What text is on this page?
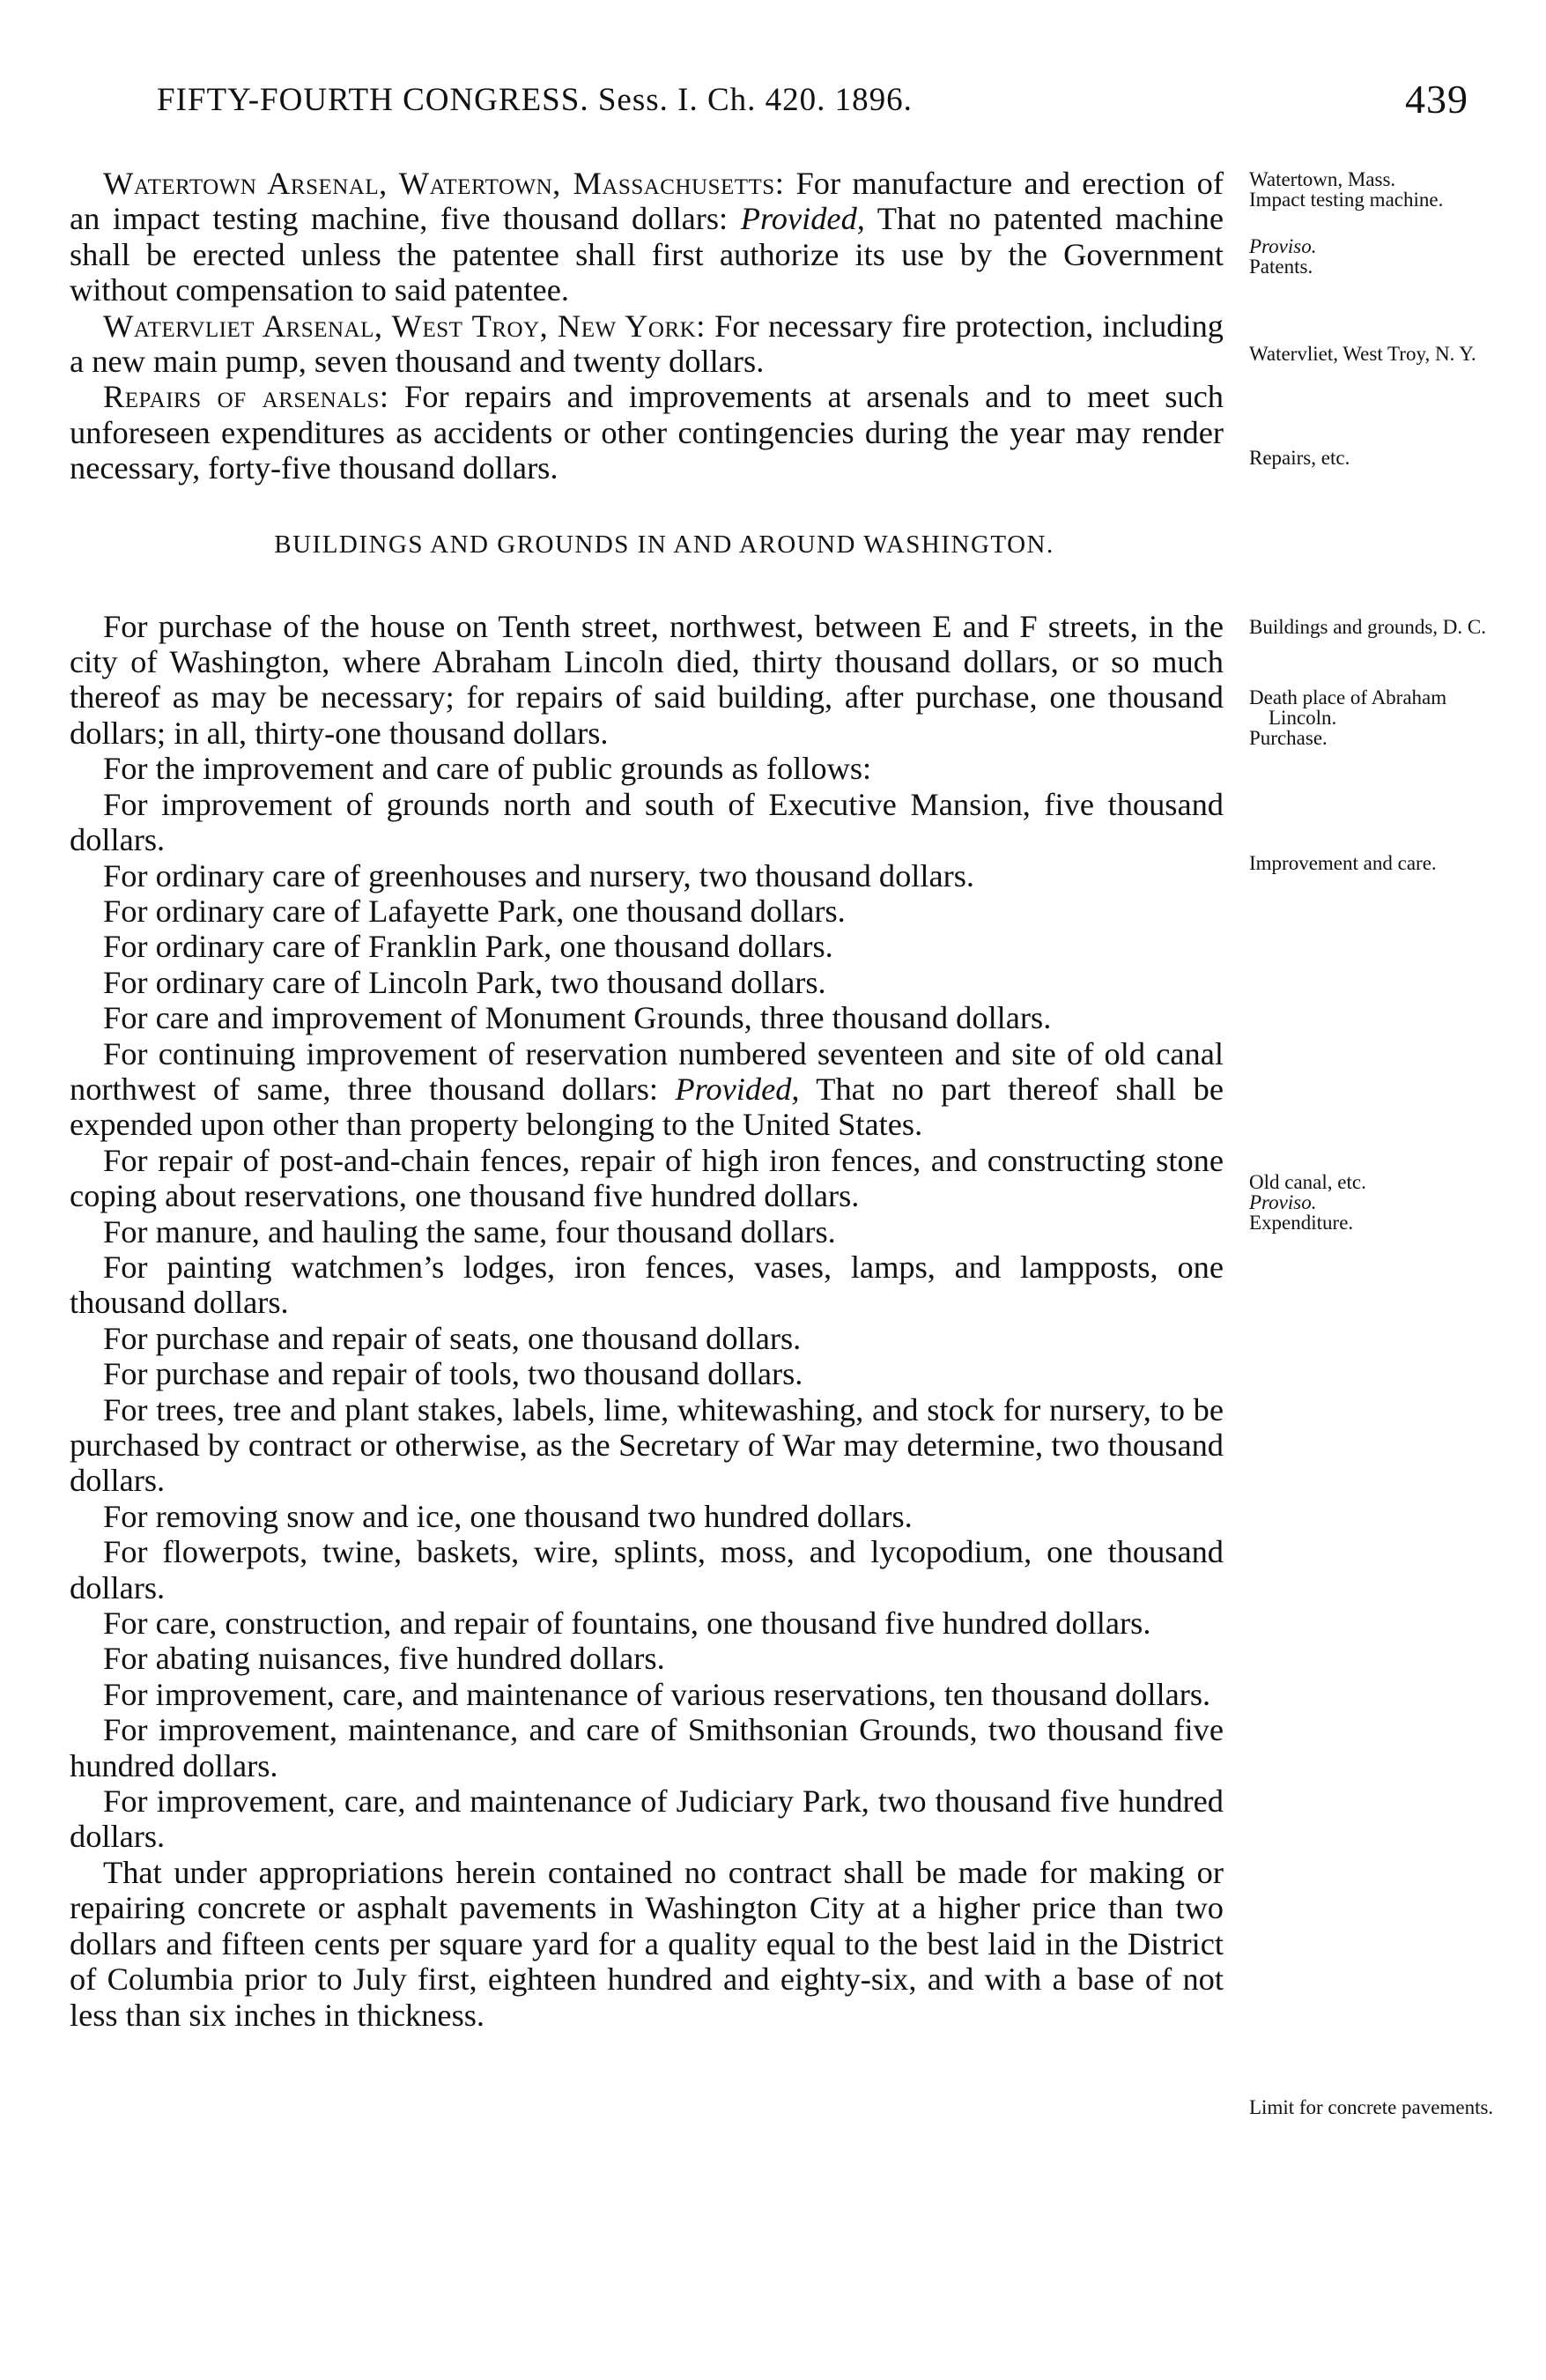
FIFTY-FOURTH CONGRESS. Sess. I. Ch. 420. 1896.	439

Watertown Arsenal, Watertown, Massachusetts: For manufacture and erection of an impact testing machine, five thousand dollars: Provided, That no patented machine shall be erected unless the patentee shall first authorize its use by the Government without compensation to said patentee.

Watervliet Arsenal, West Troy, New York: For necessary fire protection, including a new main pump, seven thousand and twenty dollars.

Repairs of arsenals: For repairs and improvements at arsenals and to meet such unforeseen expenditures as accidents or other contingencies during the year may render necessary, forty-five thousand dollars.

BUILDINGS AND GROUNDS IN AND AROUND WASHINGTON.

For purchase of the house on Tenth street, northwest, between E and F streets, in the city of Washington, where Abraham Lincoln died, thirty thousand dollars, or so much thereof as may be necessary; for repairs of said building, after purchase, one thousand dollars; in all, thirty-one thousand dollars.

For the improvement and care of public grounds as follows:

For improvement of grounds north and south of Executive Mansion, five thousand dollars.

For ordinary care of greenhouses and nursery, two thousand dollars.

For ordinary care of Lafayette Park, one thousand dollars.

For ordinary care of Franklin Park, one thousand dollars.

For ordinary care of Lincoln Park, two thousand dollars.

For care and improvement of Monument Grounds, three thousand dollars.

For continuing improvement of reservation numbered seventeen and site of old canal northwest of same, three thousand dollars: Provided, That no part thereof shall be expended upon other than property belonging to the United States.

For repair of post-and-chain fences, repair of high iron fences, and constructing stone coping about reservations, one thousand five hundred dollars.

For manure, and hauling the same, four thousand dollars.

For painting watchmen’s lodges, iron fences, vases, lamps, and lampposts, one thousand dollars.

For purchase and repair of seats, one thousand dollars.

For purchase and repair of tools, two thousand dollars.

For trees, tree and plant stakes, labels, lime, whitewashing, and stock for nursery, to be purchased by contract or otherwise, as the Secretary of War may determine, two thousand dollars.

For removing snow and ice, one thousand two hundred dollars.

For flowerpots, twine, baskets, wire, splints, moss, and lycopodium, one thousand dollars.

For care, construction, and repair of fountains, one thousand five hundred dollars.

For abating nuisances, five hundred dollars.

For improvement, care, and maintenance of various reservations, ten thousand dollars.

For improvement, maintenance, and care of Smithsonian Grounds, two thousand five hundred dollars.

For improvement, care, and maintenance of Judiciary Park, two thousand five hundred dollars.

That under appropriations herein contained no contract shall be made for making or repairing concrete or asphalt pavements in Washington City at a higher price than two dollars and fifteen cents per square yard for a quality equal to the best laid in the District of Columbia prior to July first, eighteen hundred and eighty-six, and with a base of not less than six inches in thickness.

Watertown, Mass.
Impact testing machine.
Proviso.
Patents.
Watervliet, West Troy, N. Y.
Repairs, etc.
Buildings and grounds, D. C.
Death place of Abraham Lincoln.
Purchase.
Improvement and care.
Old canal, etc.
Proviso.
Expenditure.
Limit for concrete pavements.
